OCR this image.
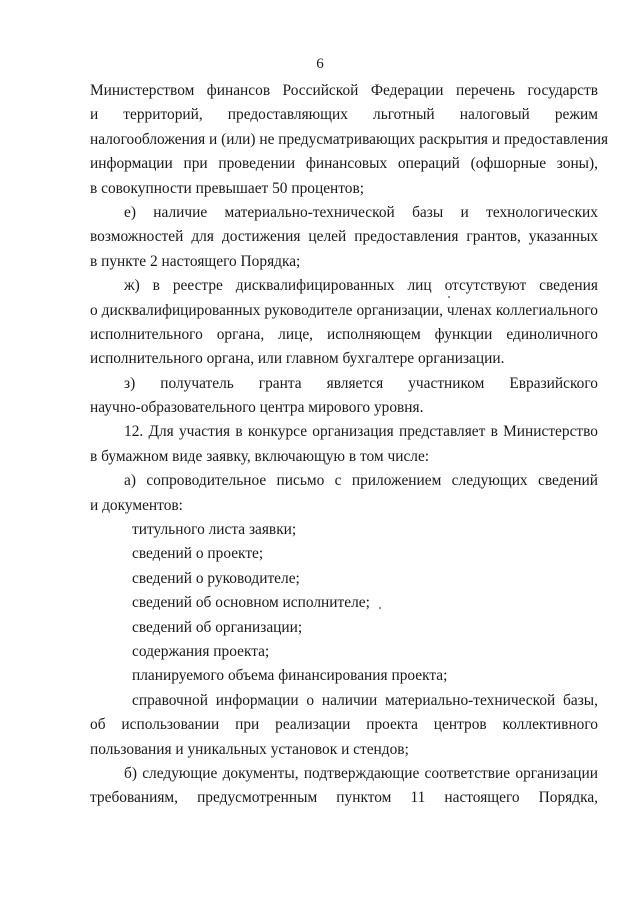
6
Министерством финансов Российской Федерации перечень государств
и территорий, предоставляющих льготный налоговый режим
налогообложения и (или) не предусматривающих раскрытия и предоставления
информации при проведении финансовых операций (офшорные зоны),
в совокупности превышает 50 процентов;
е) наличие материально-технической базы и технологических
возможностей для достижения целей предоставления грантов, указанных
в пункте 2 настоящего Порядка;
ж) в реестре дисквалифицированных лиц отсутствуют сведения
о дисквалифицированных руководителе организации, членах коллегиального
исполнительного органа, лице, исполняющем функции единоличного
исполнительного органа, или главном бухгалтере организации.
з) получатель гранта является участником Евразийского
научно-образовательного центра мирового уровня.
12. Для участия в конкурсе организация представляет в Министерство
в бумажном виде заявку, включающую в том числе:
а) сопроводительное письмо с приложением следующих сведений
и документов:
титульного листа заявки;
сведений о проекте;
сведений о руководителе;
сведений об основном исполнителе;
сведений об организации;
содержания проекта;
планируемого объема финансирования проекта;
справочной информации о наличии материально-технической базы,
об использовании при реализации проекта центров коллективного
пользования и уникальных установок и стендов;
б) следующие документы, подтверждающие соответствие организации
требованиям, предусмотренным пунктом 11 настоящего Порядка,
